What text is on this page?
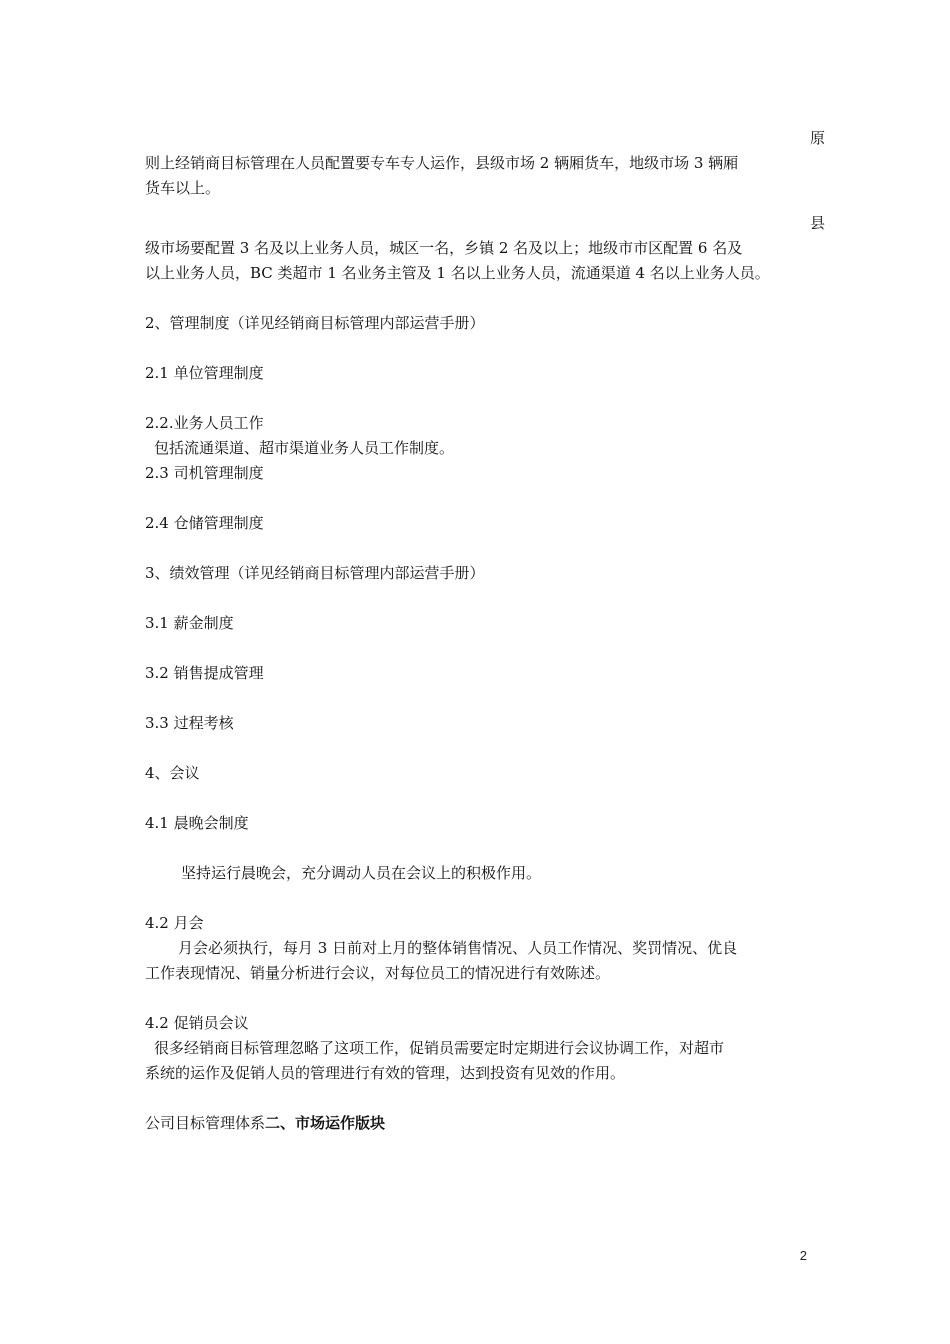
原

则上经销商目标管理在人员配置要专车专人运作，县级市场 2 辆厢货车，地级市场 3 辆厢

货车以上。

县

级市场要配置 3 名及以上业务人员，城区一名，乡镇 2 名及以上；地级市市区配置 6 名及

以上业务人员，BC 类超市 1 名业务主管及 1 名以上业务人员，流通渠道 4 名以上业务人员。

2、管理制度（详见经销商目标管理内部运营手册）

2.1 单位管理制度

2.2.业务人员工作

包括流通渠道、超市渠道业务人员工作制度。

2.3 司机管理制度

2.4 仓储管理制度

3、绩效管理（详见经销商目标管理内部运营手册）

3.1 薪金制度

3.2 销售提成管理

3.3 过程考核

4、会议

4.1 晨晚会制度

坚持运行晨晚会，充分调动人员在会议上的积极作用。

4.2 月会

月会必须执行，每月 3 日前对上月的整体销售情况、人员工作情况、奖罚情况、优良

工作表现情况、销量分析进行会议，对每位员工的情况进行有效陈述。

4.2 促销员会议

很多经销商目标管理忽略了这项工作，促销员需要定时定期进行会议协调工作，对超市

系统的运作及促销人员的管理进行有效的管理，达到投资有见效的作用。

公司目标管理体系二、市场运作版块

2
